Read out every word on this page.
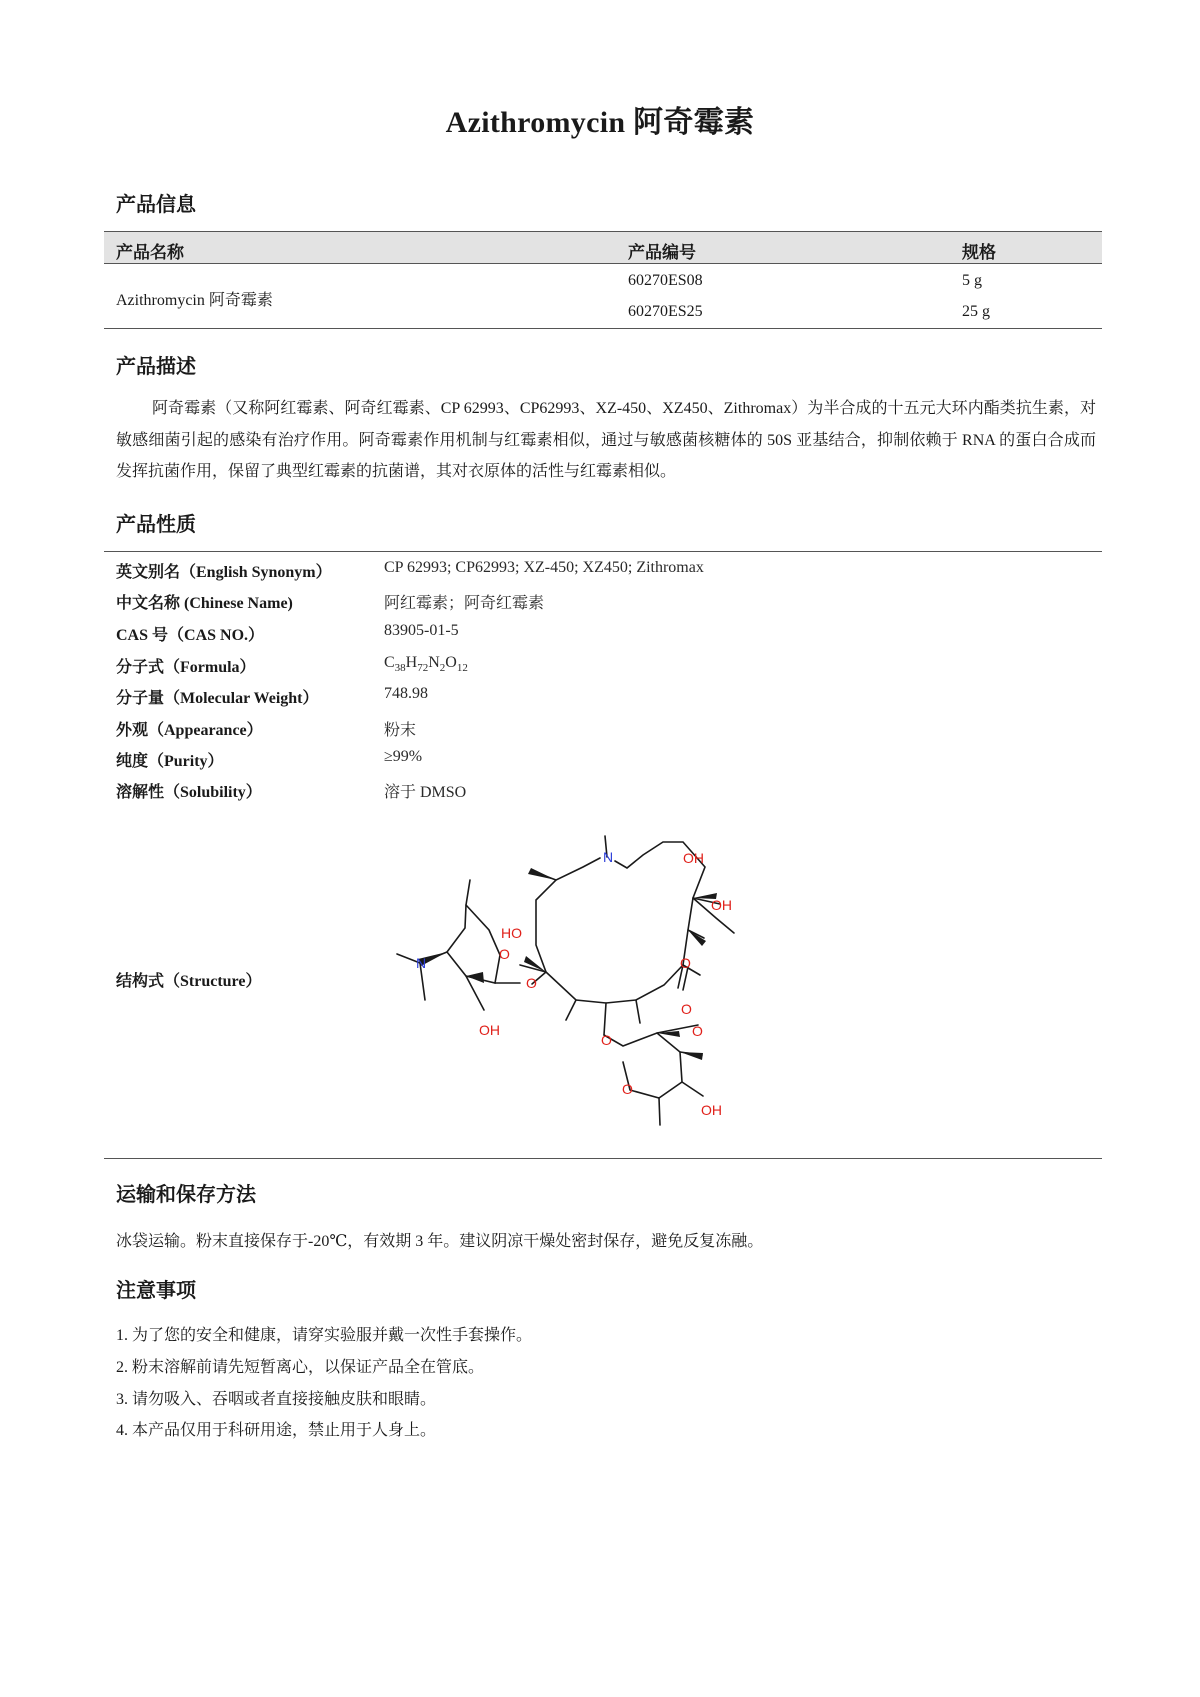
Azithromycin 阿奇霉素
产品信息
产品名称	产品编号	规格
Azithromycin 阿奇霉素
60270ES08	5 g
60270ES25	25 g
产品描述
阿奇霉素（又称阿红霉素、阿奇红霉素、CP 62993、CP62993、XZ-450、XZ450、Zithromax）为半合成的十五元大环内酯类抗生素，对敏感细菌引起的感染有治疗作用。阿奇霉素作用机制与红霉素相似，通过与敏感菌核糖体的 50S 亚基结合，抑制依赖于 RNA 的蛋白合成而发挥抗菌作用，保留了典型红霉素的抗菌谱，其对衣原体的活性与红霉素相似。
产品性质
英文别名（English Synonym）	CP 62993; CP62993; XZ-450; XZ450; Zithromax
中文名称 (Chinese Name)	阿红霉素；阿奇红霉素
CAS 号（CAS NO.）	83905-01-5
分子式（Formula）	$C_{38}H_{72}N_2O_{12}$
分子量（Molecular Weight）	748.98
外观（Appearance）	粉末
纯度（Purity）	≥99%
溶解性（Solubility）	溶于 DMSO
结构式（Structure）
N
N
OH
OH
HO
OH
OH
O
O
O
O
O
O
O
运输和保存方法
冰袋运输。粉末直接保存于-20℃，有效期 3 年。建议阴凉干燥处密封保存，避免反复冻融。
注意事项
1. 为了您的安全和健康，请穿实验服并戴一次性手套操作。
2. 粉末溶解前请先短暂离心，以保证产品全在管底。
3. 请勿吸入、吞咽或者直接接触皮肤和眼睛。
4. 本产品仅用于科研用途，禁止用于人身上。
